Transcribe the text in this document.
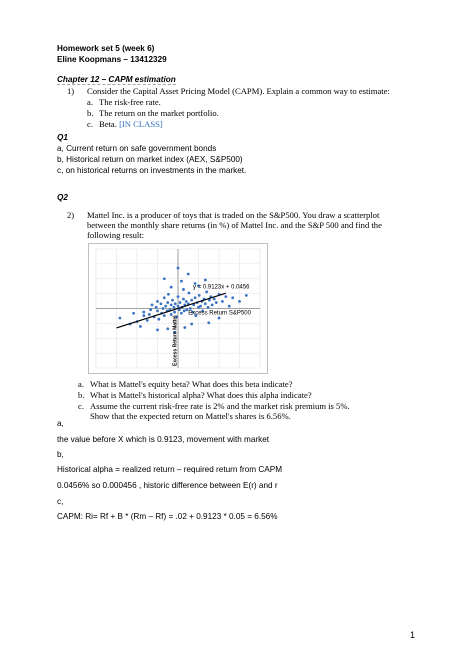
Homework set 5 (week 6)
Eline Koopmans – 13412329
Chapter 12 – CAPM estimation
1) Consider the Capital Asset Pricing Model (CAPM). Explain a common way to estimate:
a. The risk-free rate.
b. The return on the market portfolio.
c. Beta. [IN CLASS]
Q1
a, Current return on safe government bonds
b, Historical return on market index (AEX, S&P500)
c, on historical returns on investments in the market.
Q2
2) Mattel Inc. is a producer of toys that is traded on the S&P500. You draw a scatterplot
between the monthly share returns (in %) of Mattel Inc. and the S&P 500 and find the
following result:
y = 0.9123x + 0.0456
Excess Return S&P500
Excess Return Mattel
a. What is Mattel's equity beta? What does this beta indicate?
b. What is Mattel's historical alpha? What does this alpha indicate?
c. Assume the current risk-free rate is 2% and the market risk premium is 5%.
Show that the expected return on Mattel's shares is 6.56%.
a,
the value before X which is 0.9123, movement with market
b,
Historical alpha = realized return – required return from CAPM
0.0456% so 0.000456 , historic difference between E(r) and r
c,
CAPM: Ri= Rf + B * (Rm – Rf) = .02 + 0.9123 * 0.05 = 6.56%
1
